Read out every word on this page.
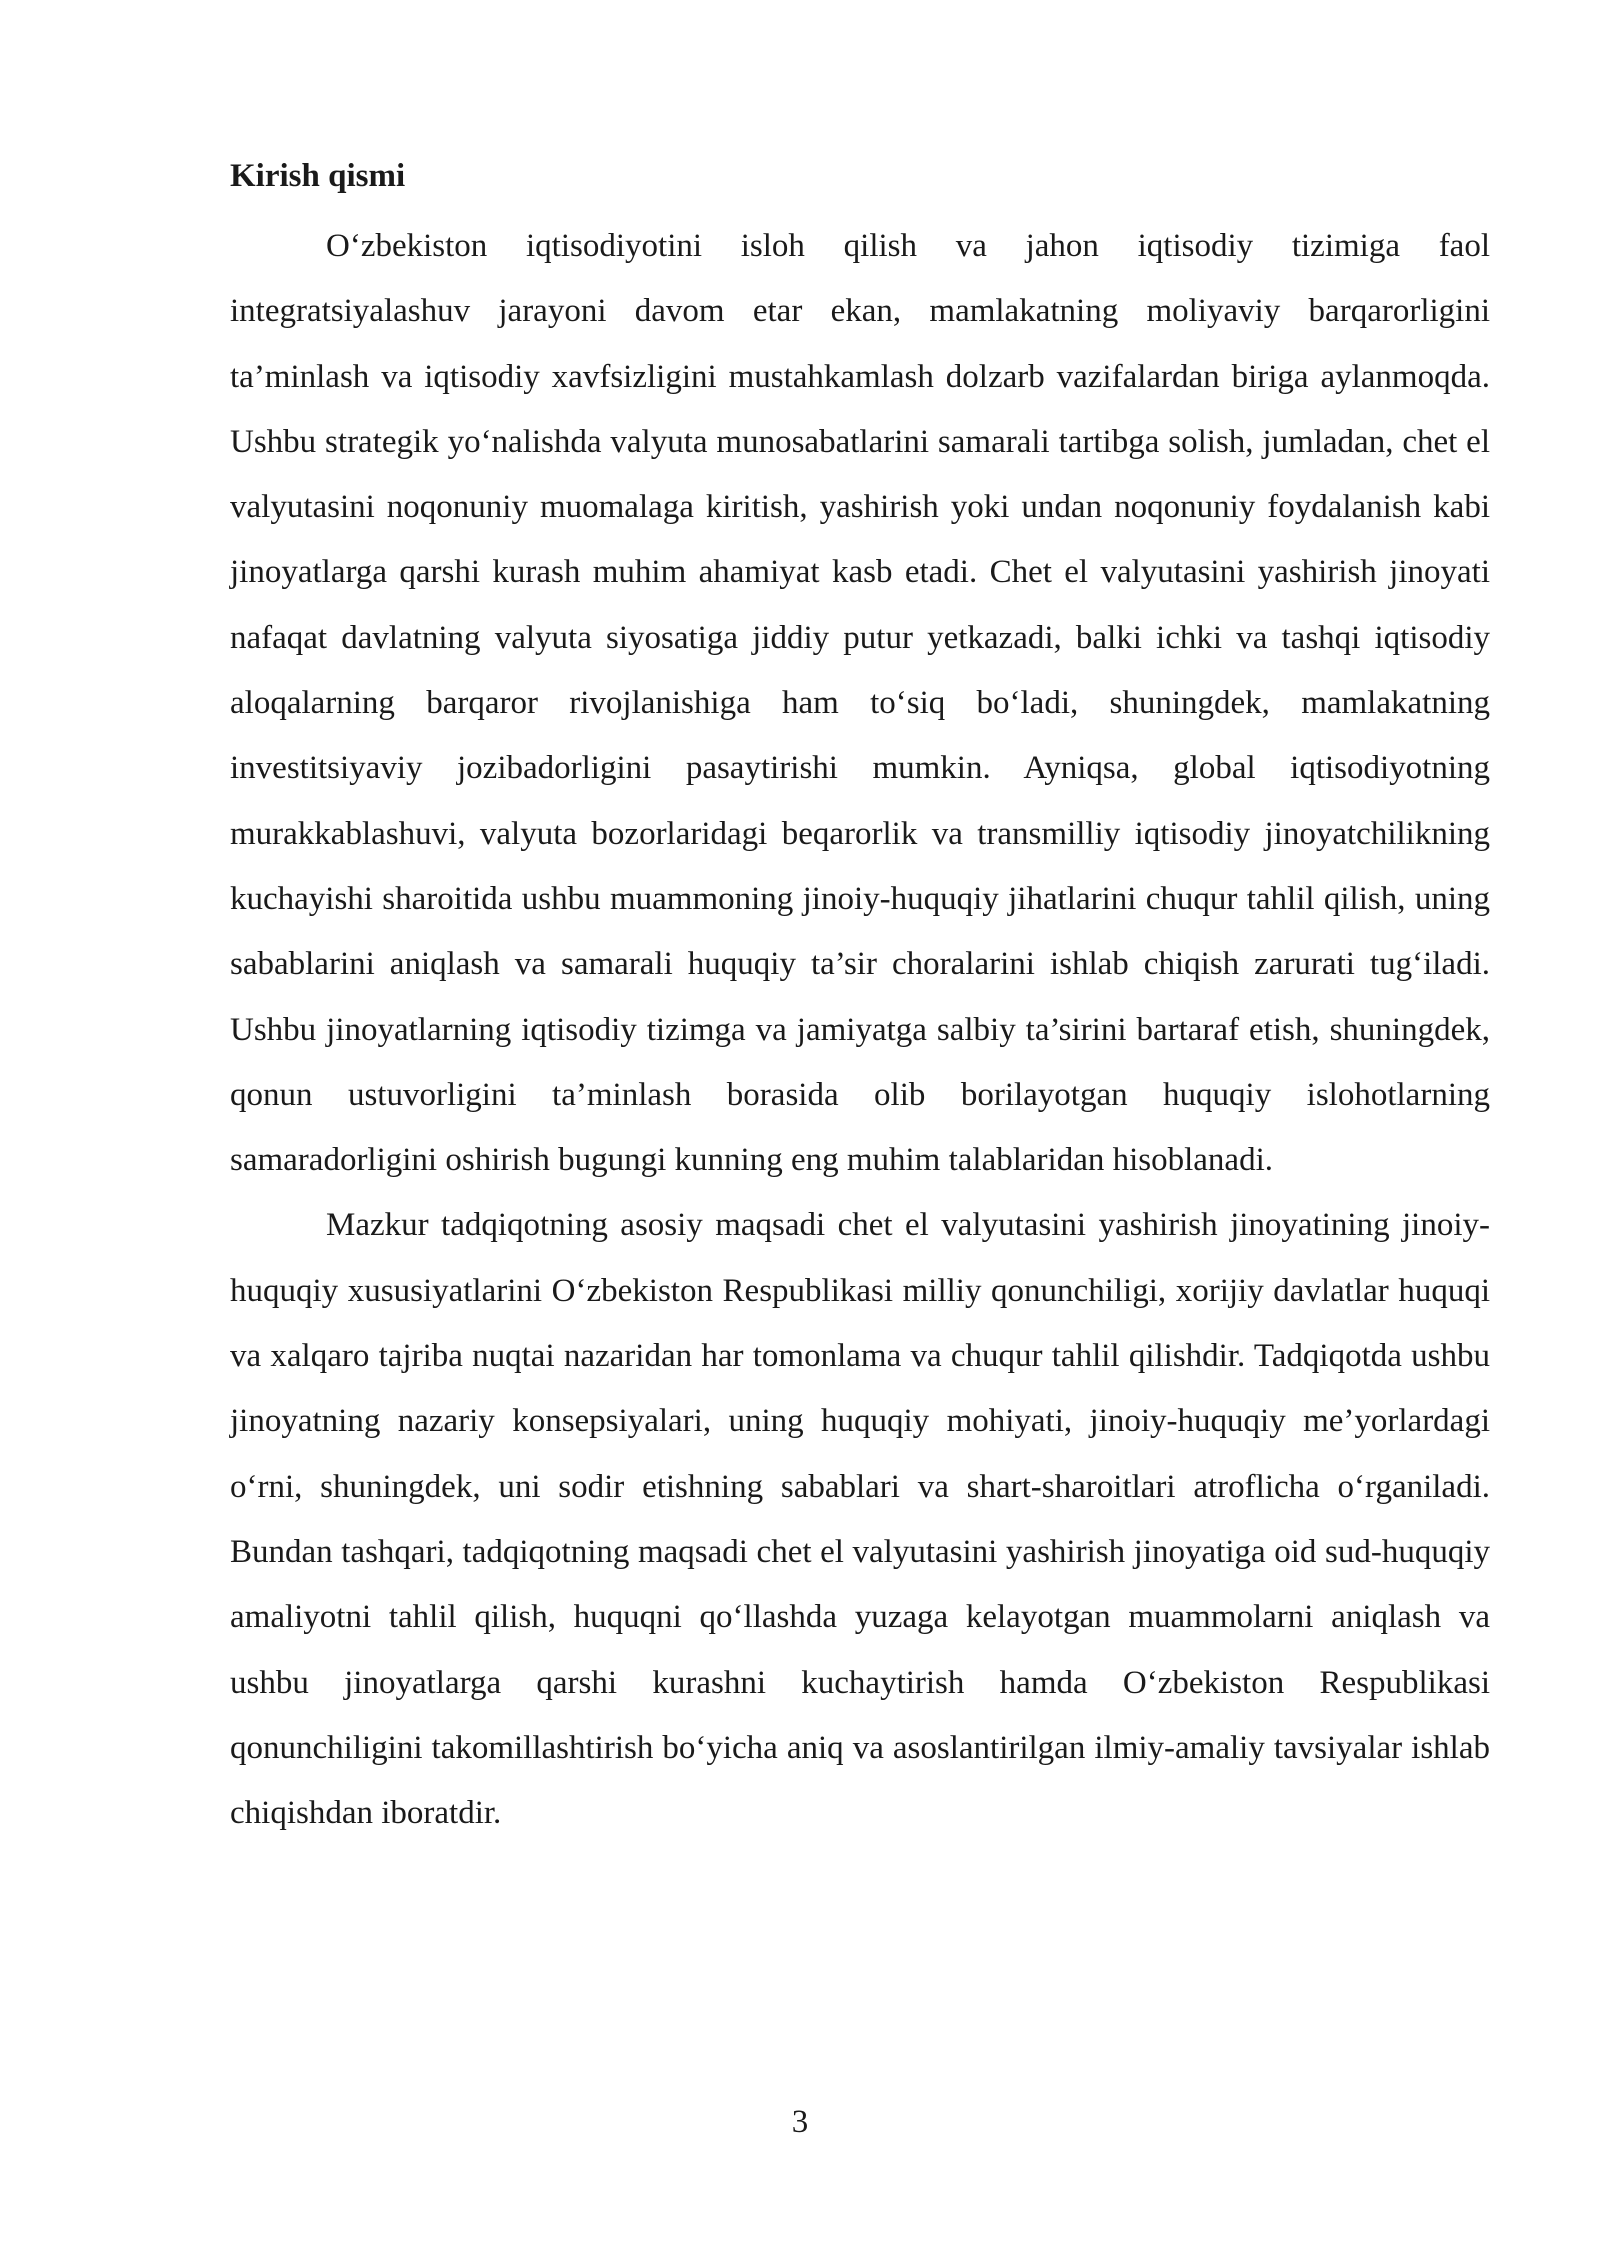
Kirish qismi

O‘zbekiston iqtisodiyotini isloh qilish va jahon iqtisodiy tizimiga faol integratsiyalashuv jarayoni davom etar ekan, mamlakatning moliyaviy barqarorligini ta’minlash va iqtisodiy xavfsizligini mustahkamlash dolzarb vazifalardan biriga aylanmoqda. Ushbu strategik yo‘nalishda valyuta munosabatlarini samarali tartibga solish, jumladan, chet el valyutasini noqonuniy muomalaga kiritish, yashirish yoki undan noqonuniy foydalanish kabi jinoyatlarga qarshi kurash muhim ahamiyat kasb etadi. Chet el valyutasini yashirish jinoyati nafaqat davlatning valyuta siyosatiga jiddiy putur yetkazadi, balki ichki va tashqi iqtisodiy aloqalarning barqaror rivojlanishiga ham to‘siq bo‘ladi, shuningdek, mamlakatning investitsiyaviy jozibadorligini pasaytirishi mumkin. Ayniqsa, global iqtisodiyotning murakkablashuvi, valyuta bozorlaridagi beqarorlik va transmilliy iqtisodiy jinoyatchilikning kuchayishi sharoitida ushbu muammoning jinoiy-huquqiy jihatlarini chuqur tahlil qilish, uning sabablarini aniqlash va samarali huquqiy ta’sir choralarini ishlab chiqish zarurati tug‘iladi. Ushbu jinoyatlarning iqtisodiy tizimga va jamiyatga salbiy ta’sirini bartaraf etish, shuningdek, qonun ustuvorligini ta’minlash borasida olib borilayotgan huquqiy islohotlarning samaradorligini oshirish bugungi kunning eng muhim talablaridan hisoblanadi.

Mazkur tadqiqotning asosiy maqsadi chet el valyutasini yashirish jinoyatining jinoiy-huquqiy xususiyatlarini O‘zbekiston Respublikasi milliy qonunchiligi, xorijiy davlatlar huquqi va xalqaro tajriba nuqtai nazaridan har tomonlama va chuqur tahlil qilishdir. Tadqiqotda ushbu jinoyatning nazariy konsepsiyalari, uning huquqiy mohiyati, jinoiy-huquqiy me’yorlardagi o‘rni, shuningdek, uni sodir etishning sabablari va shart-sharoitlari atroflicha o‘rganiladi. Bundan tashqari, tadqiqotning maqsadi chet el valyutasini yashirish jinoyatiga oid sud-huquqiy amaliyotni tahlil qilish, huquqni qo‘llashda yuzaga kelayotgan muammolarni aniqlash va ushbu jinoyatlarga qarshi kurashni kuchaytirish hamda O‘zbekiston Respublikasi qonunchiligini takomillashtirish bo‘yicha aniq va asoslantirilgan ilmiy-amaliy tavsiyalar ishlab chiqishdan iboratdir.

3
